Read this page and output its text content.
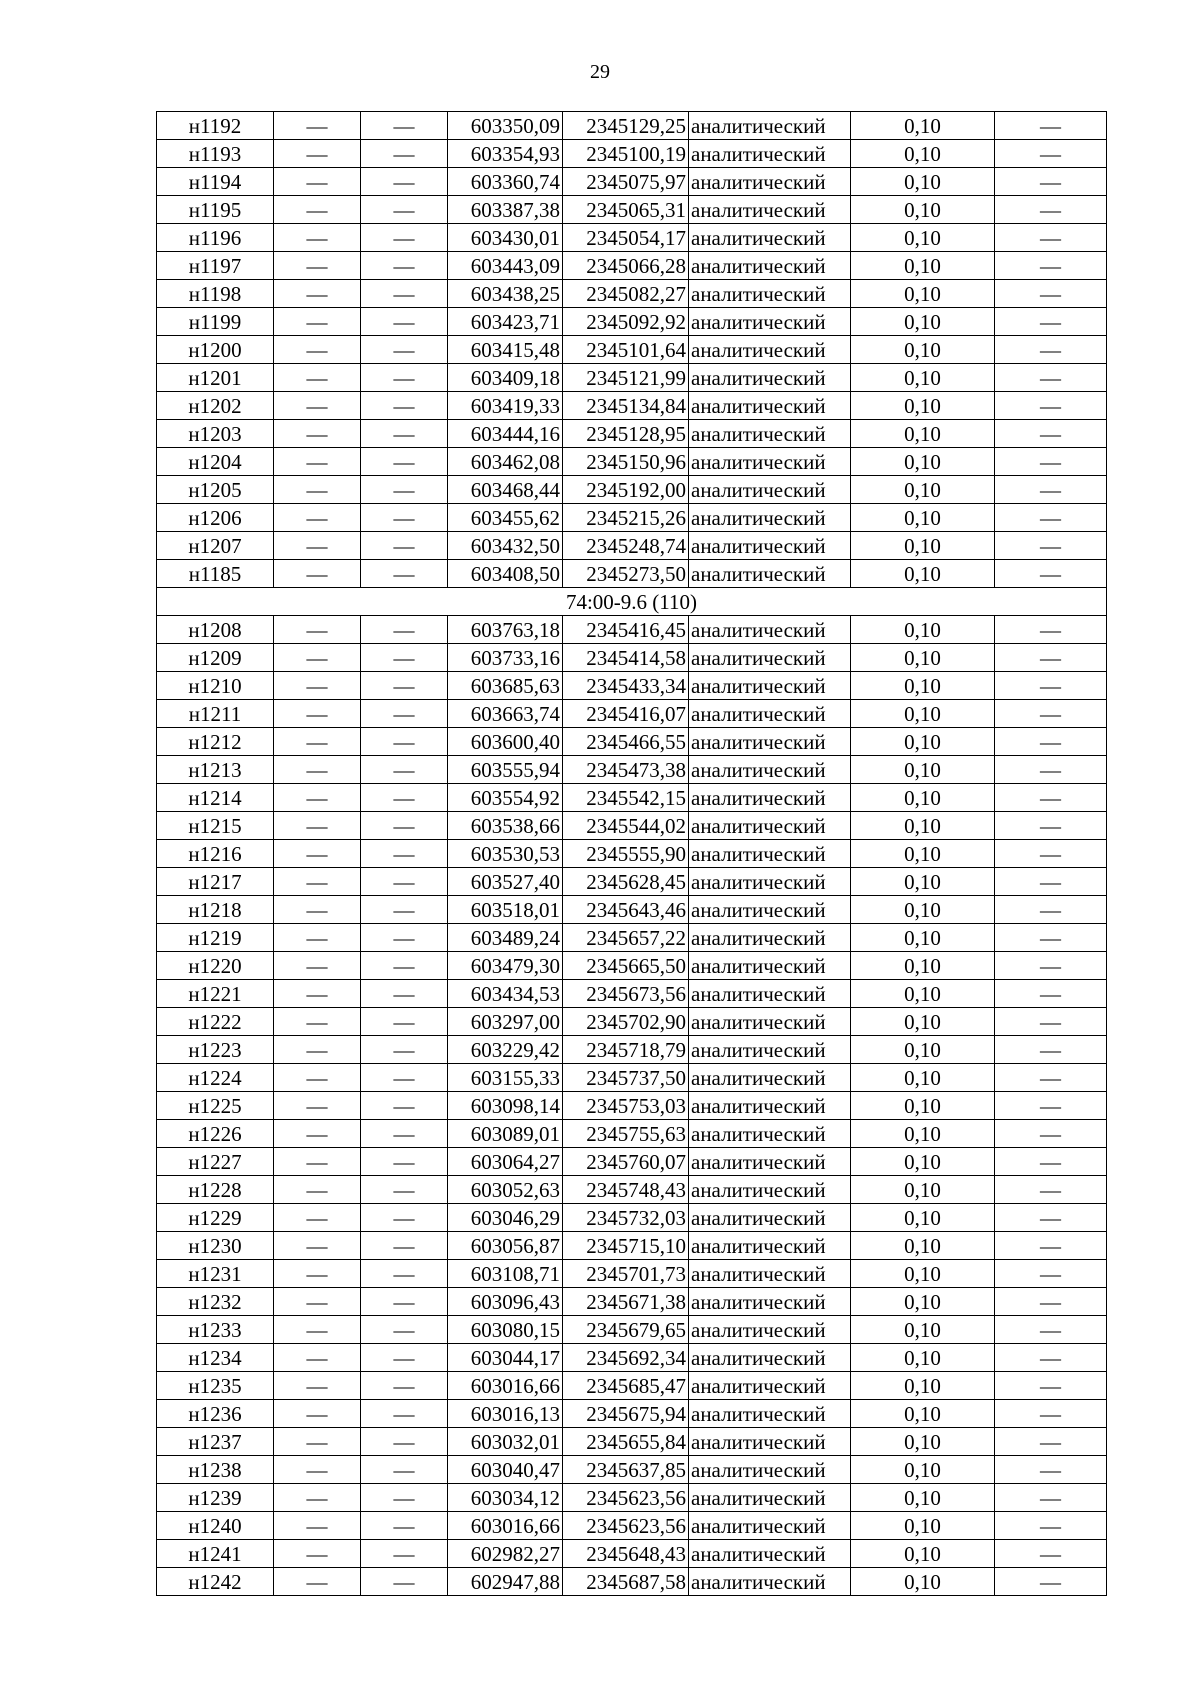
29
н1192	—	—	603350,09	2345129,25	аналитический	0,10	—
н1193	—	—	603354,93	2345100,19	аналитический	0,10	—
н1194	—	—	603360,74	2345075,97	аналитический	0,10	—
н1195	—	—	603387,38	2345065,31	аналитический	0,10	—
н1196	—	—	603430,01	2345054,17	аналитический	0,10	—
н1197	—	—	603443,09	2345066,28	аналитический	0,10	—
н1198	—	—	603438,25	2345082,27	аналитический	0,10	—
н1199	—	—	603423,71	2345092,92	аналитический	0,10	—
н1200	—	—	603415,48	2345101,64	аналитический	0,10	—
н1201	—	—	603409,18	2345121,99	аналитический	0,10	—
н1202	—	—	603419,33	2345134,84	аналитический	0,10	—
н1203	—	—	603444,16	2345128,95	аналитический	0,10	—
н1204	—	—	603462,08	2345150,96	аналитический	0,10	—
н1205	—	—	603468,44	2345192,00	аналитический	0,10	—
н1206	—	—	603455,62	2345215,26	аналитический	0,10	—
н1207	—	—	603432,50	2345248,74	аналитический	0,10	—
н1185	—	—	603408,50	2345273,50	аналитический	0,10	—
74:00-9.6 (110)							
н1208	—	—	603763,18	2345416,45	аналитический	0,10	—
н1209	—	—	603733,16	2345414,58	аналитический	0,10	—
н1210	—	—	603685,63	2345433,34	аналитический	0,10	—
н1211	—	—	603663,74	2345416,07	аналитический	0,10	—
н1212	—	—	603600,40	2345466,55	аналитический	0,10	—
н1213	—	—	603555,94	2345473,38	аналитический	0,10	—
н1214	—	—	603554,92	2345542,15	аналитический	0,10	—
н1215	—	—	603538,66	2345544,02	аналитический	0,10	—
н1216	—	—	603530,53	2345555,90	аналитический	0,10	—
н1217	—	—	603527,40	2345628,45	аналитический	0,10	—
н1218	—	—	603518,01	2345643,46	аналитический	0,10	—
н1219	—	—	603489,24	2345657,22	аналитический	0,10	—
н1220	—	—	603479,30	2345665,50	аналитический	0,10	—
н1221	—	—	603434,53	2345673,56	аналитический	0,10	—
н1222	—	—	603297,00	2345702,90	аналитический	0,10	—
н1223	—	—	603229,42	2345718,79	аналитический	0,10	—
н1224	—	—	603155,33	2345737,50	аналитический	0,10	—
н1225	—	—	603098,14	2345753,03	аналитический	0,10	—
н1226	—	—	603089,01	2345755,63	аналитический	0,10	—
н1227	—	—	603064,27	2345760,07	аналитический	0,10	—
н1228	—	—	603052,63	2345748,43	аналитический	0,10	—
н1229	—	—	603046,29	2345732,03	аналитический	0,10	—
н1230	—	—	603056,87	2345715,10	аналитический	0,10	—
н1231	—	—	603108,71	2345701,73	аналитический	0,10	—
н1232	—	—	603096,43	2345671,38	аналитический	0,10	—
н1233	—	—	603080,15	2345679,65	аналитический	0,10	—
н1234	—	—	603044,17	2345692,34	аналитический	0,10	—
н1235	—	—	603016,66	2345685,47	аналитический	0,10	—
н1236	—	—	603016,13	2345675,94	аналитический	0,10	—
н1237	—	—	603032,01	2345655,84	аналитический	0,10	—
н1238	—	—	603040,47	2345637,85	аналитический	0,10	—
н1239	—	—	603034,12	2345623,56	аналитический	0,10	—
н1240	—	—	603016,66	2345623,56	аналитический	0,10	—
н1241	—	—	602982,27	2345648,43	аналитический	0,10	—
н1242	—	—	602947,88	2345687,58	аналитический	0,10	—
